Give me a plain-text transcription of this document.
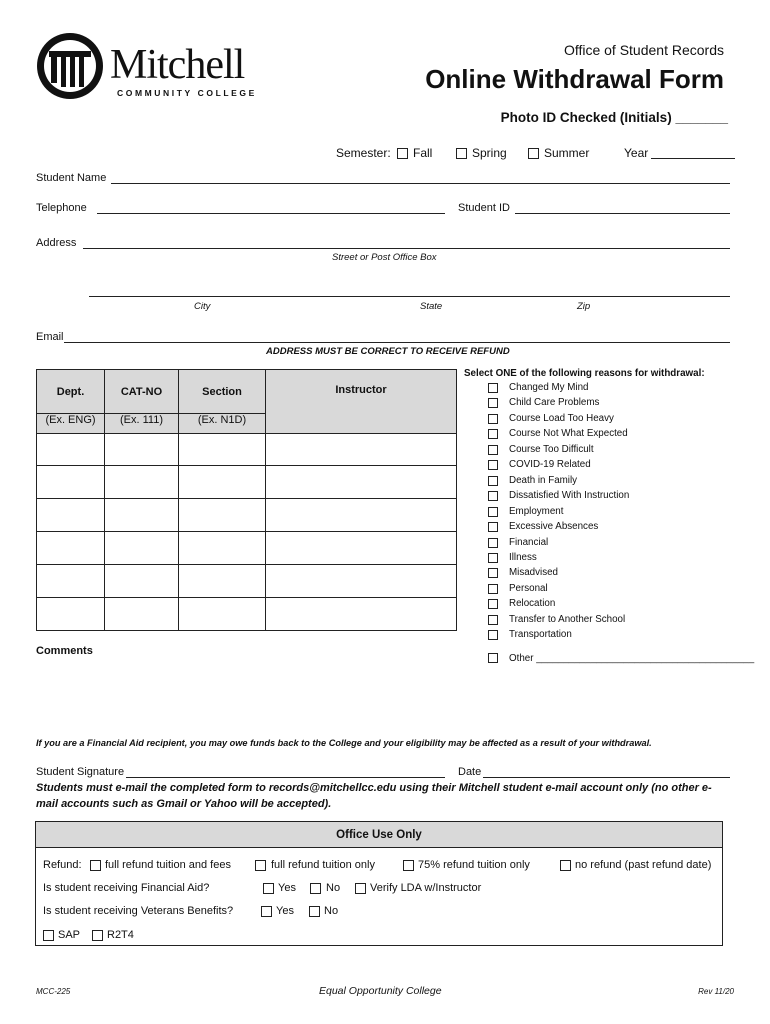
Mitchell
COMMUNITY COLLEGE
Office of Student Records
Online Withdrawal Form
Photo ID Checked (Initials) _______
Semester: Fall	Spring	Summer	Year
Student Name
Telephone	Student ID
Address
Street or Post Office Box
City	State	Zip
Email
ADDRESS MUST BE CORRECT TO RECEIVE REFUND
Dept.	CAT-NO	Section	Instructor
(Ex. ENG)	(Ex. 111)	(Ex. N1D)	

Select ONE of the following reasons for withdrawal:
Changed My Mind
Child Care Problems
Course Load Too Heavy
Course Not What Expected
Course Too Difficult
COVID-19 Related
Death in Family
Dissatisfied With Instruction
Employment
Excessive Absences
Financial
Illness
Misadvised
Personal
Relocation
Transfer to Another School
Transportation
Other ________________________________________
Comments
If you are a Financial Aid recipient, you may owe funds back to the College and your eligibility may be affected as a result of your withdrawal.
Student Signature	Date
Students must e-mail the completed form to records@mitchellcc.edu using their Mitchell student e-mail account only (no other e-mail accounts such as Gmail or Yahoo will be accepted).
Office Use Only
Refund: full refund tuition and fees	full refund tuition only	75% refund tuition only	no refund (past refund date)
Is student receiving Financial Aid?	Yes	No	Verify LDA w/Instructor
Is student receiving Veterans Benefits?	Yes	No
SAP R2T4
MCC-225	Equal Opportunity College	Rev 11/20
